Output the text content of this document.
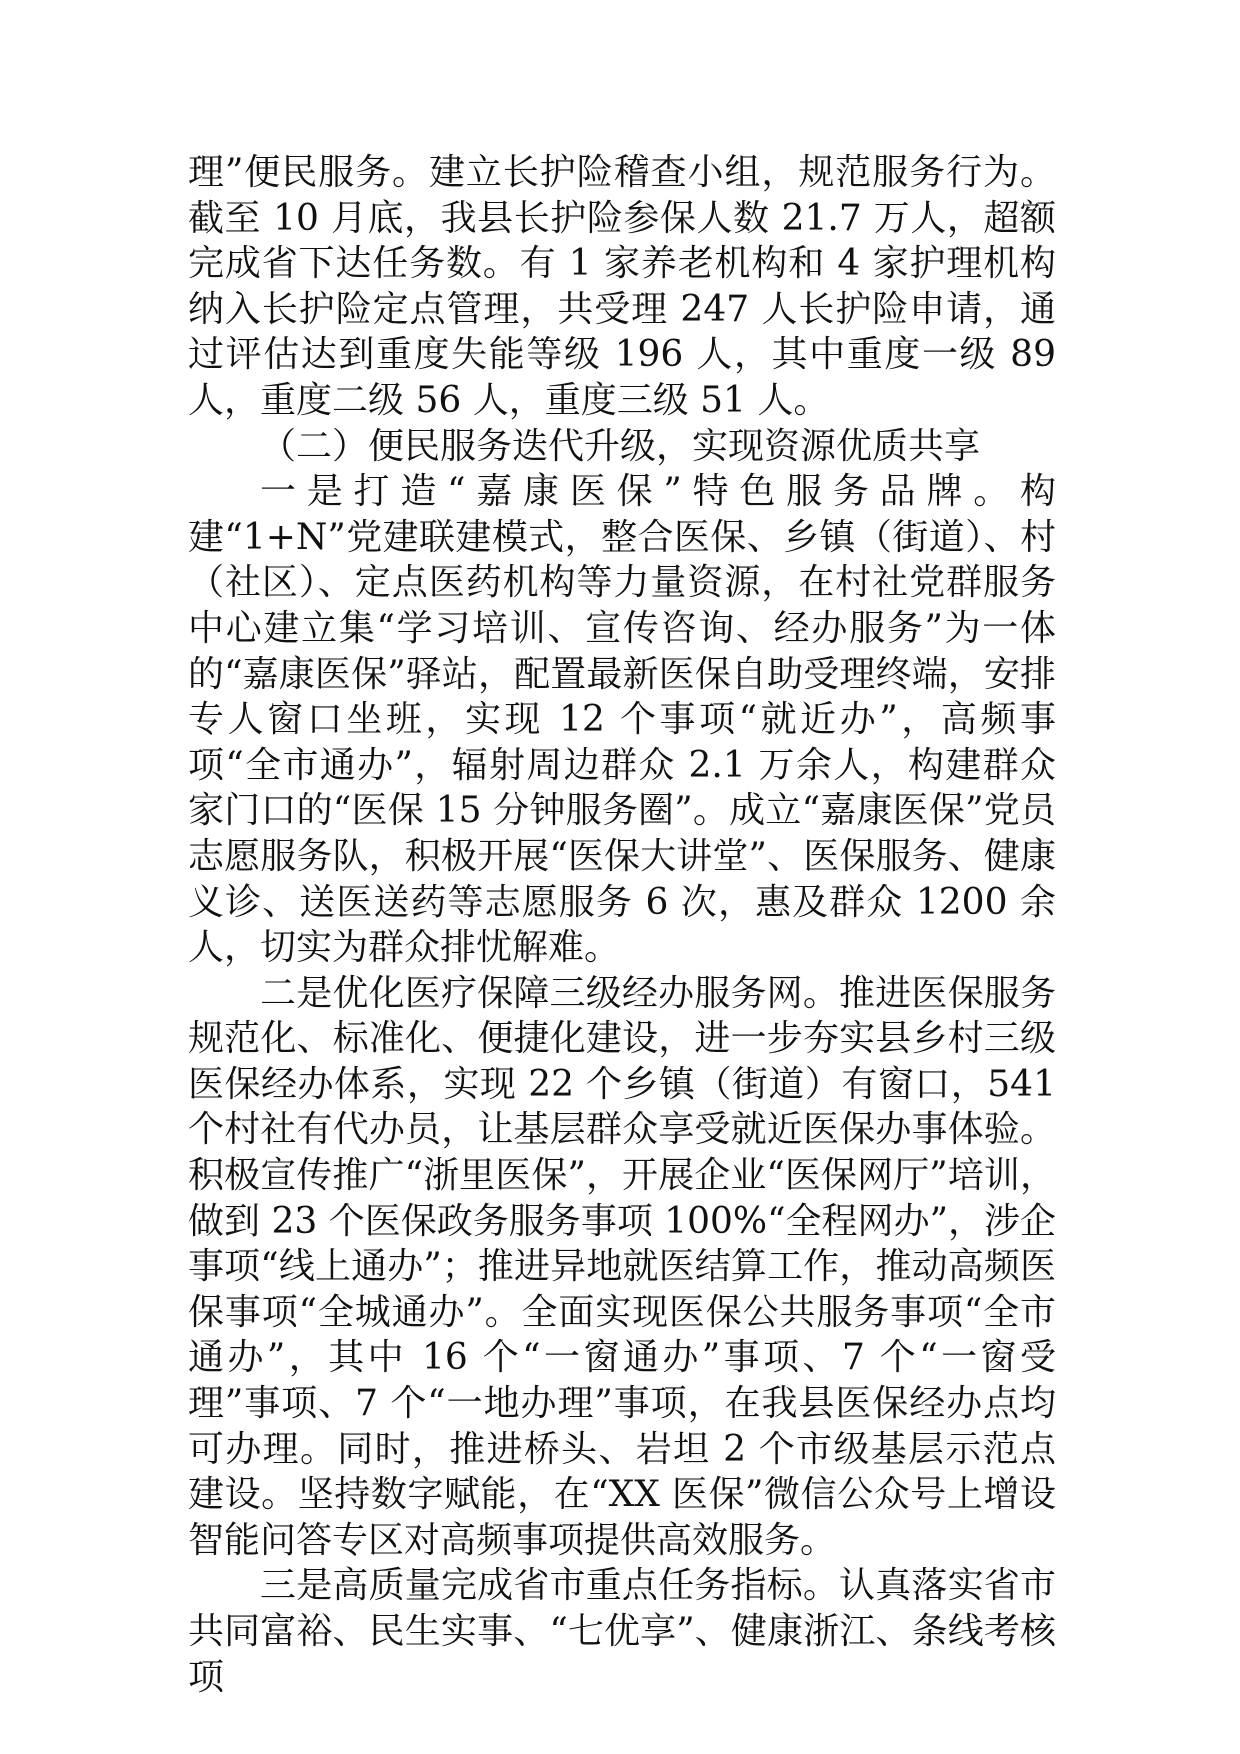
理”便民服务。建立长护险稽查小组，规范服务行为。截至 10 月底，我县长护险参保人数 21.7 万人，超额完成省下达任务数。有 1 家养老机构和 4 家护理机构纳入长护险定点管理，共受理 247 人长护险申请，通过评估达到重度失能等级 196 人，其中重度一级 89 人，重度二级 56 人，重度三级 51 人。

（二）便民服务迭代升级，实现资源优质共享

一是打造“嘉康医保”特色服务品牌。构建“1+N”党建联建模式，整合医保、乡镇（街道）、村（社区）、定点医药机构等力量资源，在村社党群服务中心建立集“学习培训、宣传咨询、经办服务”为一体的“嘉康医保”驿站，配置最新医保自助受理终端，安排专人窗口坐班，实现 12 个事项“就近办”，高频事项“全市通办”，辐射周边群众 2.1 万余人，构建群众家门口的“医保 15 分钟服务圈”。成立“嘉康医保”党员志愿服务队，积极开展“医保大讲堂”、医保服务、健康义诊、送医送药等志愿服务 6 次，惠及群众 1200 余人，切实为群众排忧解难。

二是优化医疗保障三级经办服务网。推进医保服务规范化、标准化、便捷化建设，进一步夯实县乡村三级医保经办体系，实现 22 个乡镇（街道）有窗口，541 个村社有代办员，让基层群众享受就近医保办事体验。积极宣传推广“浙里医保”，开展企业“医保网厅”培训，做到 23 个医保政务服务事项 100%“全程网办”，涉企事项“线上通办”；推进异地就医结算工作，推动高频医保事项“全城通办”。全面实现医保公共服务事项“全市通办”，其中 16 个“一窗通办”事项、7 个“一窗受理”事项、7 个“一地办理”事项，在我县医保经办点均可办理。同时，推进桥头、岩坦 2 个市级基层示范点建设。坚持数字赋能，在“XX 医保”微信公众号上增设智能问答专区对高频事项提供高效服务。

三是高质量完成省市重点任务指标。认真落实省市共同富裕、民生实事、“七优享”、健康浙江、条线考核项
